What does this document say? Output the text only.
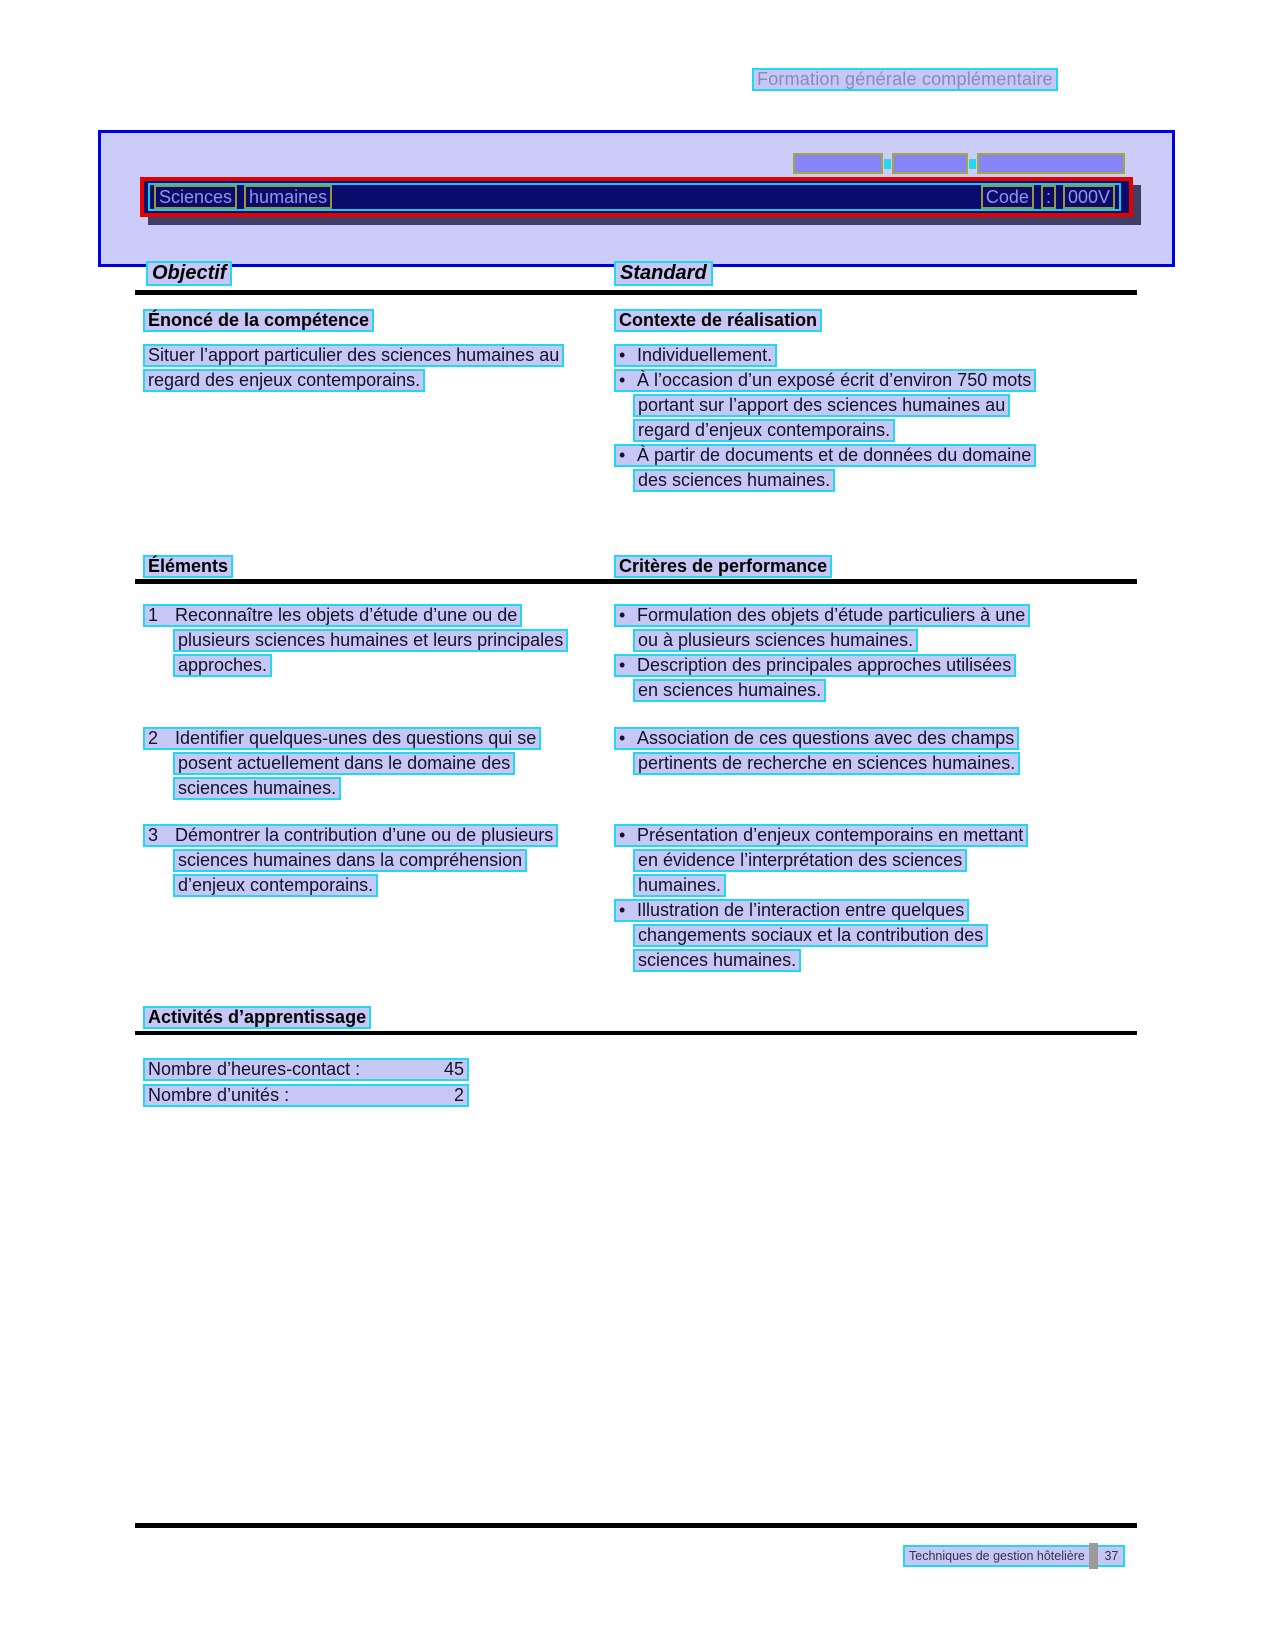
Formation générale complémentaire
Sciences humaines	Code : 000V
Objectif	Standard
Énoncé de la compétence	Contexte de réalisation
Situer l’apport particulier des sciences humaines au
regard des enjeux contemporains.
•Individuellement.
•À l’occasion d’un exposé écrit d’environ 750 mots
portant sur l’apport des sciences humaines au
regard d’enjeux contemporains.
•À partir de documents et de données du domaine
des sciences humaines.
Éléments	Critères de performance
1 Reconnaître les objets d’étude d’une ou de
plusieurs sciences humaines et leurs principales
approches.
•Formulation des objets d’étude particuliers à une
ou à plusieurs sciences humaines.
•Description des principales approches utilisées
en sciences humaines.
2 Identifier quelques-unes des questions qui se
posent actuellement dans le domaine des
sciences humaines.
•Association de ces questions avec des champs
pertinents de recherche en sciences humaines.
3 Démontrer la contribution d’une ou de plusieurs
sciences humaines dans la compréhension
d’enjeux contemporains.
•Présentation d’enjeux contemporains en mettant
en évidence l’interprétation des sciences
humaines.
•Illustration de l’interaction entre quelques
changements sociaux et la contribution des
sciences humaines.
Activités d’apprentissage
Nombre d’heures-contact :	45
Nombre d’unités :	2
Techniques de gestion hôtelière 37
